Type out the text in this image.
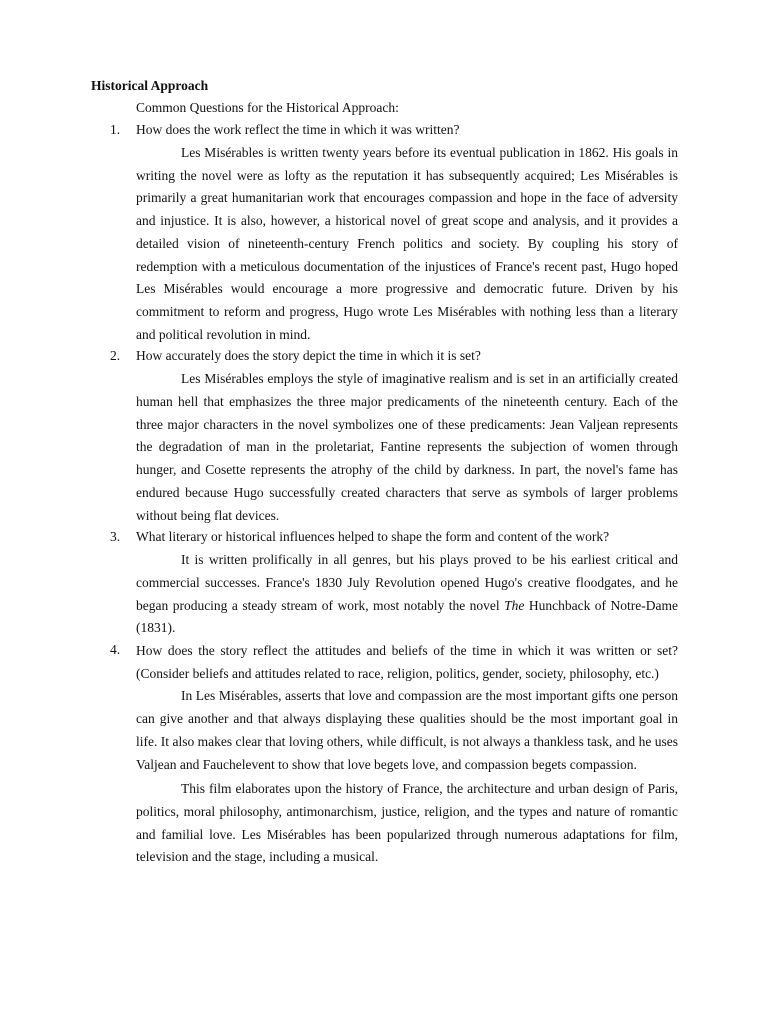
Historical Approach
Common Questions for the Historical Approach:
1. How does the work reflect the time in which it was written?

Les Misérables is written twenty years before its eventual publication in 1862. His goals in writing the novel were as lofty as the reputation it has subsequently acquired; Les Misérables is primarily a great humanitarian work that encourages compassion and hope in the face of adversity and injustice. It is also, however, a historical novel of great scope and analysis, and it provides a detailed vision of nineteenth-century French politics and society. By coupling his story of redemption with a meticulous documentation of the injustices of France's recent past, Hugo hoped Les Misérables would encourage a more progressive and democratic future. Driven by his commitment to reform and progress, Hugo wrote Les Misérables with nothing less than a literary and political revolution in mind.

2. How accurately does the story depict the time in which it is set?

Les Misérables employs the style of imaginative realism and is set in an artificially created human hell that emphasizes the three major predicaments of the nineteenth century. Each of the three major characters in the novel symbolizes one of these predicaments: Jean Valjean represents the degradation of man in the proletariat, Fantine represents the subjection of women through hunger, and Cosette represents the atrophy of the child by darkness. In part, the novel's fame has endured because Hugo successfully created characters that serve as symbols of larger problems without being flat devices.

3. What literary or historical influences helped to shape the form and content of the work?

It is written prolifically in all genres, but his plays proved to be his earliest critical and commercial successes. France's 1830 July Revolution opened Hugo's creative floodgates, and he began producing a steady stream of work, most notably the novel The Hunchback of Notre-Dame (1831).

4. How does the story reflect the attitudes and beliefs of the time in which it was written or set? (Consider beliefs and attitudes related to race, religion, politics, gender, society, philosophy, etc.)

In Les Misérables, asserts that love and compassion are the most important gifts one person can give another and that always displaying these qualities should be the most important goal in life. It also makes clear that loving others, while difficult, is not always a thankless task, and he uses Valjean and Fauchelevent to show that love begets love, and compassion begets compassion.

This film elaborates upon the history of France, the architecture and urban design of Paris, politics, moral philosophy, antimonarchism, justice, religion, and the types and nature of romantic and familial love. Les Misérables has been popularized through numerous adaptations for film, television and the stage, including a musical.
